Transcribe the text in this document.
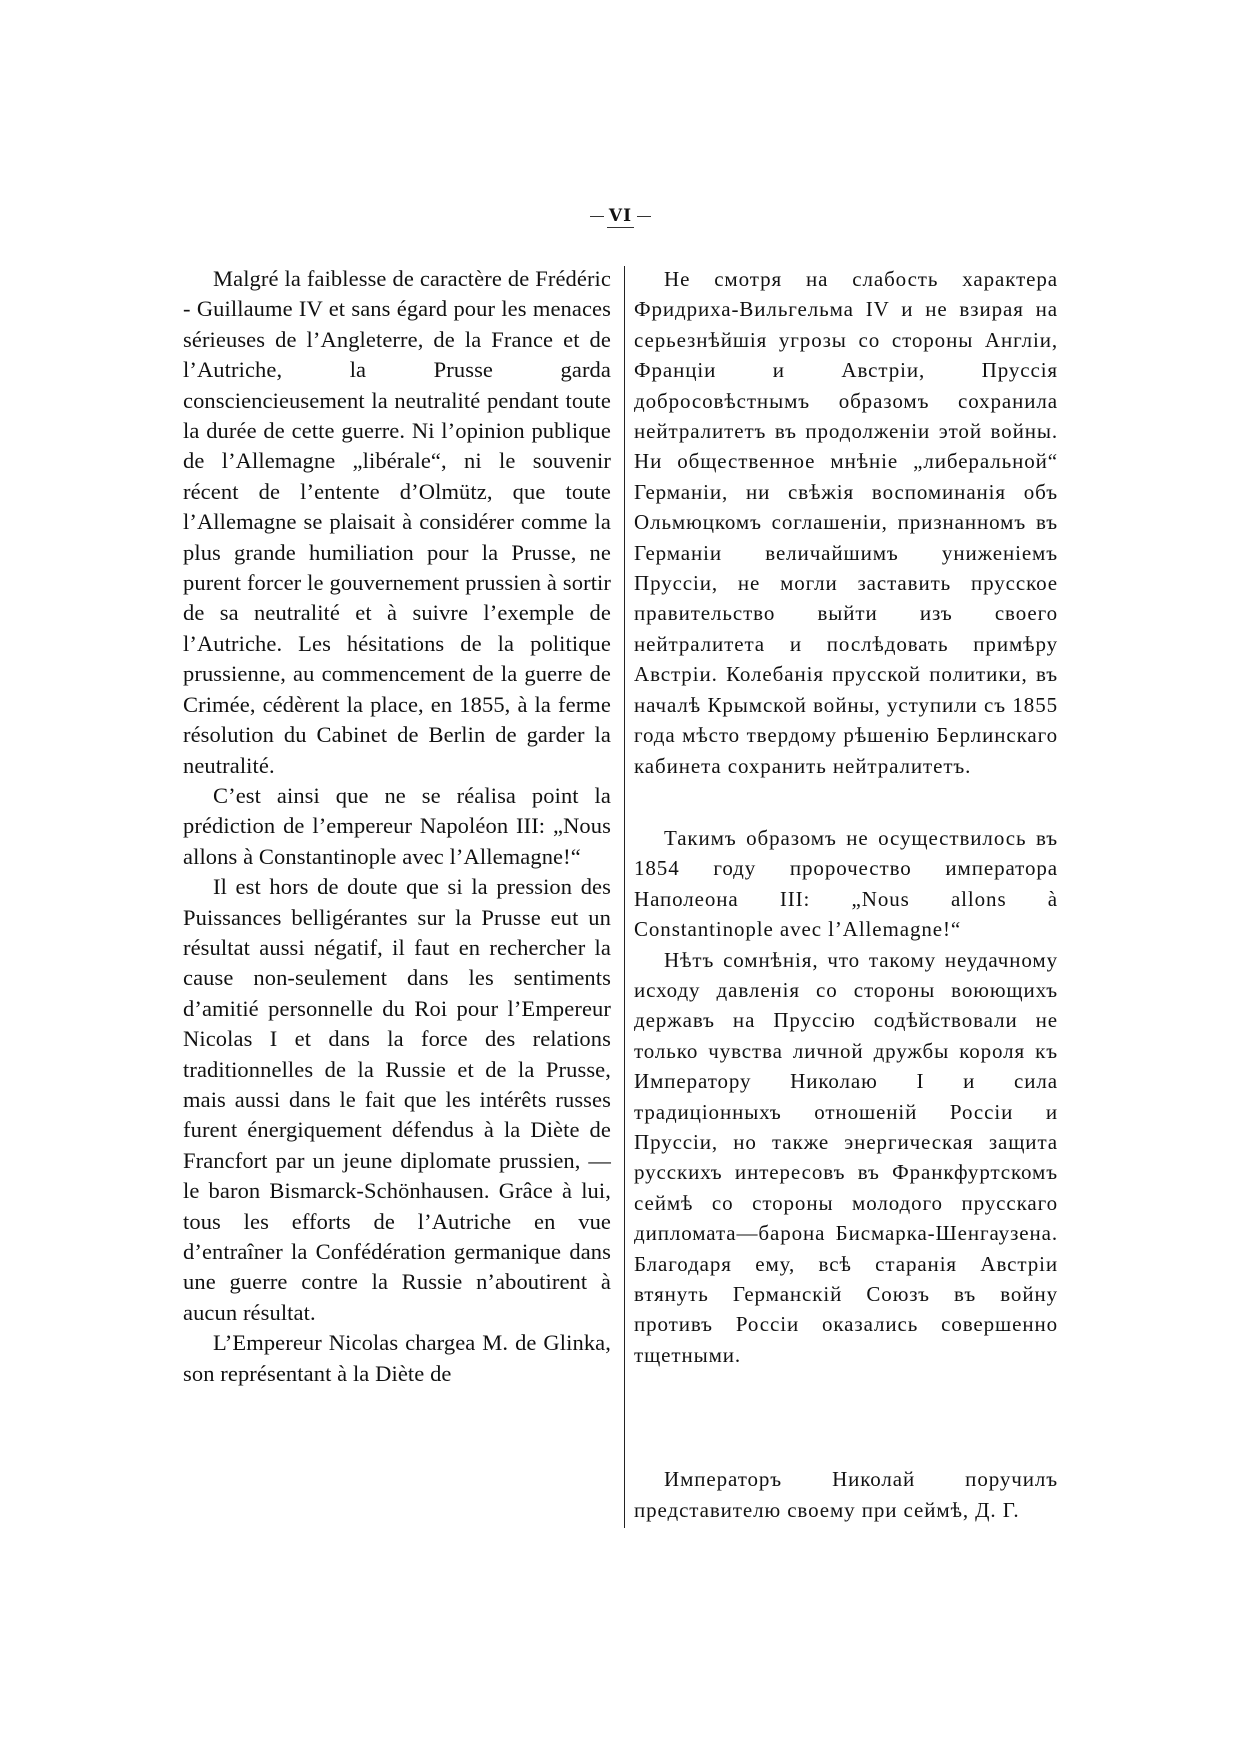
VI

Malgré la faiblesse de caractère de Frédéric - Guillaume IV et sans égard pour les menaces sérieuses de l’Angleterre, de la France et de l’Autriche, la Prusse garda consciencieusement la neutralité pendant toute la durée de cette guerre. Ni l’opinion publique de l’Allemagne „libérale“, ni le souvenir récent de l’entente d’Olmütz, que toute l’Allemagne se plaisait à considérer comme la plus grande humiliation pour la Prusse, ne purent forcer le gouvernement prussien à sortir de sa neutralité et à suivre l’exemple de l’Autriche. Les hésitations de la politique prussienne, au commencement de la guerre de Crimée, cédèrent la place, en 1855, à la ferme résolution du Cabinet de Berlin de garder la neutralité.

C’est ainsi que ne se réalisa point la prédiction de l’empereur Napoléon III: „Nous allons à Constantinople avec l’Allemagne!“

Il est hors de doute que si la pression des Puissances belligérantes sur la Prusse eut un résultat aussi négatif, il faut en rechercher la cause non-seulement dans les sentiments d’amitié personnelle du Roi pour l’Empereur Nicolas I et dans la force des relations traditionnelles de la Russie et de la Prusse, mais aussi dans le fait que les intérêts russes furent énergiquement défendus à la Diète de Francfort par un jeune diplomate prussien, — le baron Bismarck-Schönhausen. Grâce à lui, tous les efforts de l’Autriche en vue d’entraîner la Confédération germanique dans une guerre contre la Russie n’aboutirent à aucun résultat.

L’Empereur Nicolas chargea M. de Glinka, son représentant à la Diète de

Не смотря на слабость характера Фридриха-Вильгельма IV и не взирая на серьезнѣйшія угрозы со стороны Англіи, Франціи и Австріи, Пруссія добросовѣстнымъ образомъ сохранила нейтралитетъ въ продолженіи этой войны. Ни общественное мнѣніе „либеральной“ Германіи, ни свѣжія воспоминанія объ Ольмюцкомъ соглашеніи, признанномъ въ Германіи величайшимъ униженіемъ Пруссіи, не могли заставить прусское правительство выйти изъ своего нейтралитета и послѣдовать примѣру Австріи. Колебанія прусской политики, въ началѣ Крымской войны, уступили съ 1855 года мѣсто твердому рѣшенію Берлинскаго кабинета сохранить нейтралитетъ.

Такимъ образомъ не осуществилось въ 1854 году пророчество императора Наполеона III: „Nous allons à Constantinople avec l’Allemagne!“

Нѣтъ сомнѣнія, что такому неудачному исходу давленія со стороны воюющихъ державъ на Пруссію содѣйствовали не только чувства личной дружбы короля къ Императору Николаю I и сила традиціонныхъ отношеній Россіи и Пруссіи, но также энергическая защита русскихъ интересовъ въ Франкфуртскомъ сеймѣ со стороны молодого прусскаго дипломата—барона Бисмарка-Шенгаузена. Благодаря ему, всѣ старанія Австріи втянуть Германскій Союзъ въ войну противъ Россіи оказались совершенно тщетными.

Императоръ Николай поручилъ представителю своему при сеймѣ, Д. Г.
